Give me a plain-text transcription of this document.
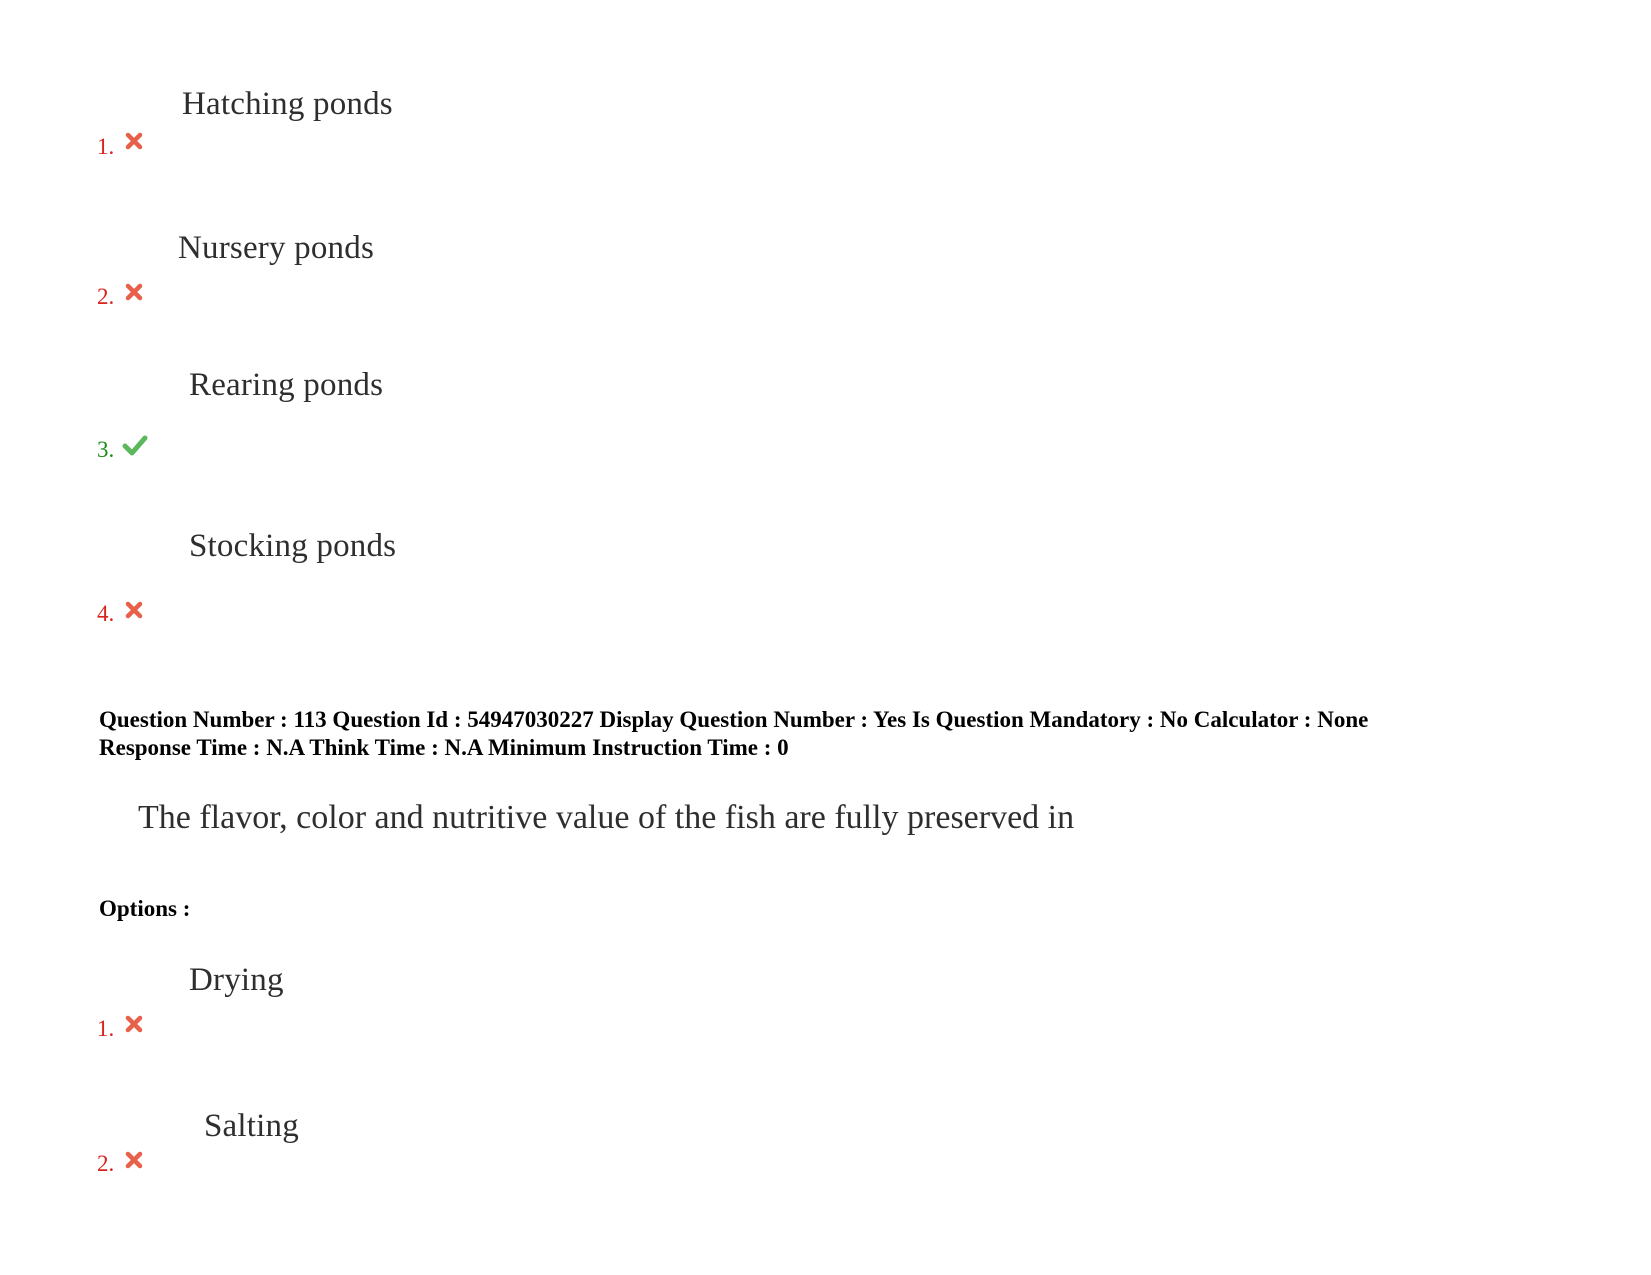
Hatching ponds
1.
Nursery ponds
2.
Rearing ponds
3.
Stocking ponds
4.
Question Number : 113 Question Id : 54947030227 Display Question Number : Yes Is Question Mandatory : No Calculator : None
Response Time : N.A Think Time : N.A Minimum Instruction Time : 0
The flavor, color and nutritive value of the fish are fully preserved in
Options :
Drying
1.
Salting
2.
